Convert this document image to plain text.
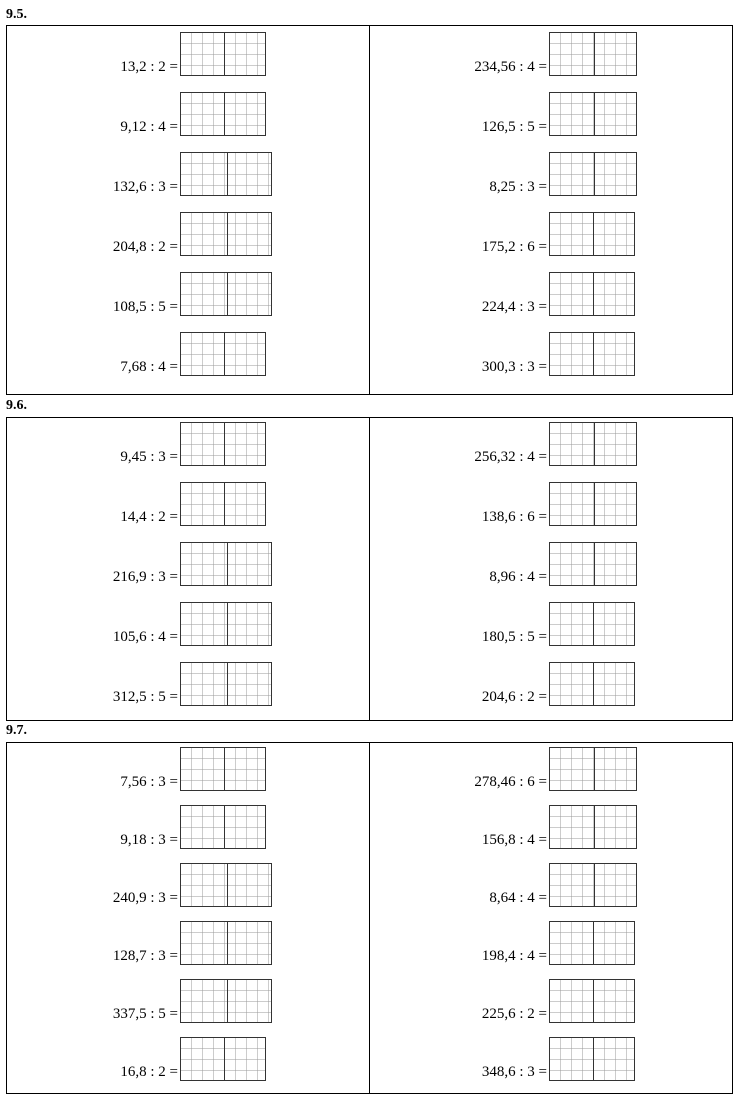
9.5.
13,2 : 2 =
9,12 : 4 =
132,6 : 3 =
204,8 : 2 =
108,5 : 5 =
7,68 : 4 =
234,56 : 4 =
126,5 : 5 =
8,25 : 3 =
175,2 : 6 =
224,4 : 3 =
300,3 : 3 =
9.6.
9,45 : 3 =
14,4 : 2 =
216,9 : 3 =
105,6 : 4 =
312,5 : 5 =
256,32 : 4 =
138,6 : 6 =
8,96 : 4 =
180,5 : 5 =
204,6 : 2 =
9.7.
7,56 : 3 =
9,18 : 3 =
240,9 : 3 =
128,7 : 3 =
337,5 : 5 =
16,8 : 2 =
278,46 : 6 =
156,8 : 4 =
8,64 : 4 =
198,4 : 4 =
225,6 : 2 =
348,6 : 3 =
